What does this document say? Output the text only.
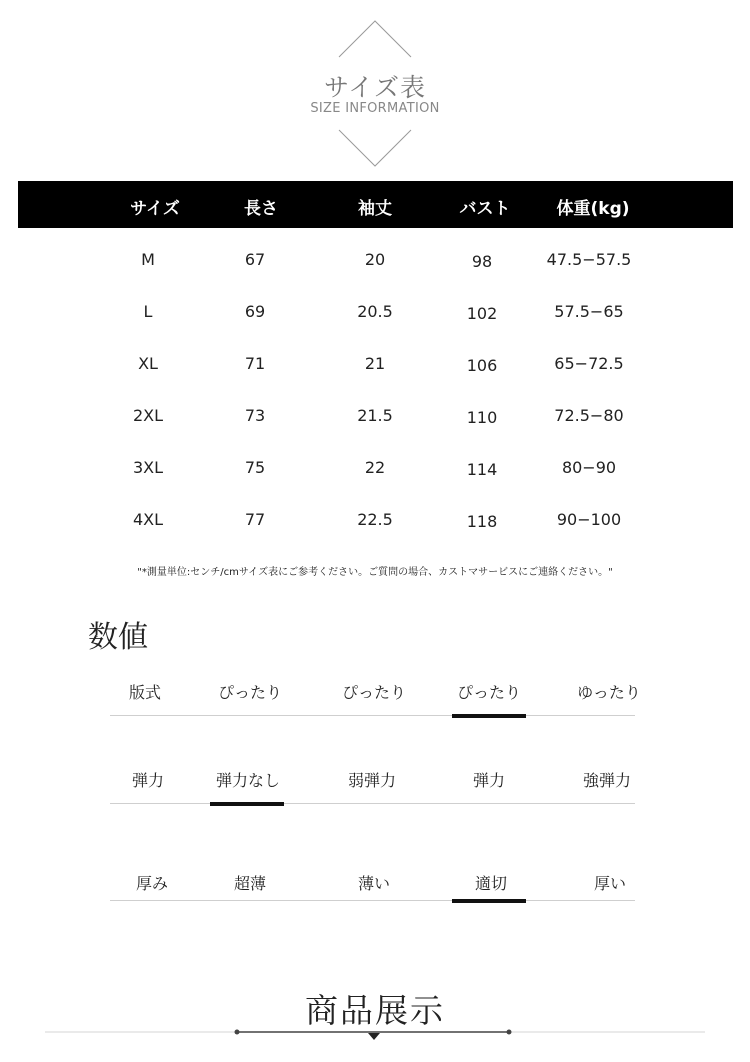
サイズ表
SIZE INFORMATION
サイズ	長さ	袖丈	バスト	体重(kg)
M	67	20	98	47.5−57.5
L	69	20.5	102	57.5−65
XL	71	21	106	65−72.5
2XL	73	21.5	110	72.5−80
3XL	75	22	114	80−90
4XL	77	22.5	118	90−100
"*測量単位:センチ/cmサイズ表にご参考ください。ご質問の場合、カストマサービスにご連絡ください。"
数値
版式	ぴったり	ぴったり	ぴったり	ゆったり
弾力	弾力なし	弱弾力	弾力	強弾力
厚み	超薄	薄い	適切	厚い
商品展示
